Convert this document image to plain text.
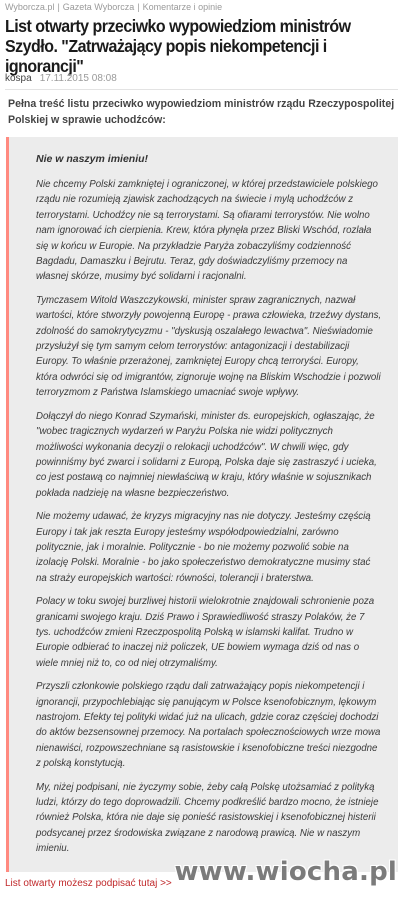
Wyborcza.pl | Gazeta Wyborcza | Komentarze i opinie
List otwarty przeciwko wypowiedziom ministrów Szydło. "Zatrważający popis niekompetencji i ignorancji"
kospa 17.11.2015 08:08
Pełna treść listu przeciwko wypowiedziom ministrów rządu Rzeczypospolitej Polskiej w sprawie uchodźców:
Nie w naszym imieniu!

Nie chcemy Polski zamkniętej i ograniczonej, w której przedstawiciele polskiego rządu nie rozumieją zjawisk zachodzących na świecie i mylą uchodźców z terrorystami. Uchodźcy nie są terrorystami. Są ofiarami terrorystów. Nie wolno nam ignorować ich cierpienia. Krew, która płynęła przez Bliski Wschód, rozlała się w końcu w Europie. Na przykładzie Paryża zobaczyliśmy codzienność Bagdadu, Damaszku i Bejrutu. Teraz, gdy doświadczyliśmy przemocy na własnej skórze, musimy być solidarni i racjonalni.

Tymczasem Witold Waszczykowski, minister spraw zagranicznych, nazwał wartości, które stworzyły powojenną Europę - prawa człowieka, trzeźwy dystans, zdolność do samokrytycyzmu - "dyskusją oszalałego lewactwa". Nieświadomie przysłużył się tym samym celom terrorystów: antagonizacji i destabilizacji Europy. To właśnie przerażonej, zamkniętej Europy chcą terroryści. Europy, która odwróci się od imigrantów, zignoruje wojnę na Bliskim Wschodzie i pozwoli terroryzmom z Państwa Islamskiego umacniać swoje wpływy.

Dołączył do niego Konrad Szymański, minister ds. europejskich, ogłaszając, że "wobec tragicznych wydarzeń w Paryżu Polska nie widzi politycznych możliwości wykonania decyzji o relokacji uchodźców". W chwili więc, gdy powinniśmy być zwarci i solidarni z Europą, Polska daje się zastraszyć i ucieka, co jest postawą co najmniej niewłaściwą w kraju, który właśnie w sojusznikach pokłada nadzieję na własne bezpieczeństwo.

Nie możemy udawać, że kryzys migracyjny nas nie dotyczy. Jesteśmy częścią Europy i tak jak reszta Europy jesteśmy współodpowiedzialni, zarówno politycznie, jak i moralnie. Politycznie - bo nie możemy pozwolić sobie na izolację Polski. Moralnie - bo jako społeczeństwo demokratyczne musimy stać na straży europejskich wartości: równości, tolerancji i braterstwa.

Polacy w toku swojej burzliwej historii wielokrotnie znajdowali schronienie poza granicami swojego kraju. Dziś Prawo i Sprawiedliwość straszy Polaków, że 7 tys. uchodźców zmieni Rzeczpospolitą Polską w islamski kalifat. Trudno w Europie odbierać to inaczej niż policzek, UE bowiem wymaga dziś od nas o wiele mniej niż to, co od niej otrzymaliśmy.

Przyszli członkowie polskiego rządu dali zatrważający popis niekompetencji i ignorancji, przypochlebiając się panującym w Polsce ksenofobicznym, lękowym nastrojom. Efekty tej polityki widać już na ulicach, gdzie coraz częściej dochodzi do aktów bezsensownej przemocy. Na portalach społecznościowych wrze mowa nienawiści, rozpowszechniane są rasistowskie i ksenofobiczne treści niezgodne z polską konstytucją.

My, niżej podpisani, nie życzymy sobie, żeby całą Polskę utożsamiać z polityką ludzi, którzy do tego doprowadzili. Chcemy podkreślić bardzo mocno, że istnieje również Polska, która nie daje się ponieść rasistowskiej i ksenofobicznej histerii podsycanej przez środowiska związane z narodową prawicą. Nie w naszym imieniu.

List otwarty możesz podpisać tutaj >> www.wiocha.pl
